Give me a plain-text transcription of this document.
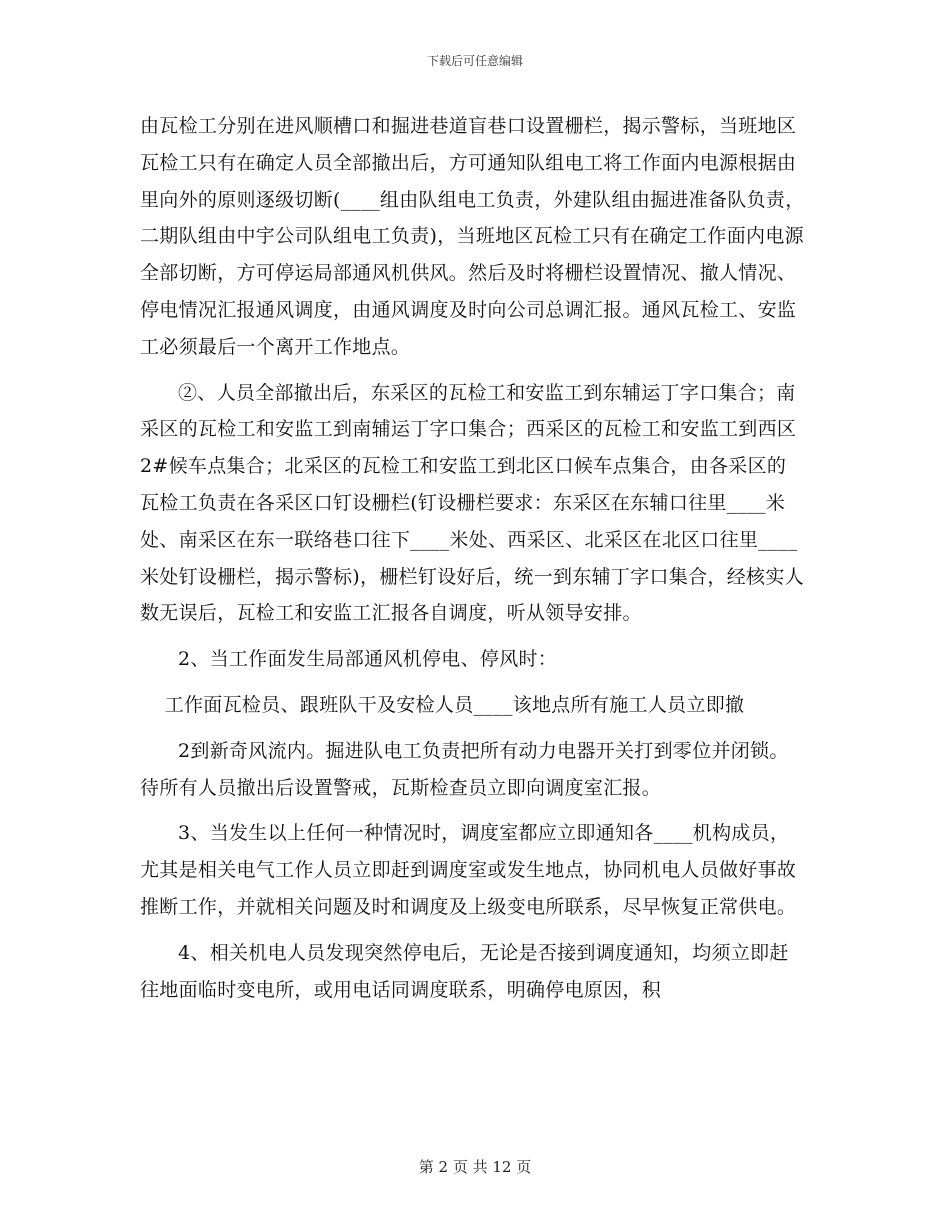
下载后可任意编辑

由瓦检工分别在进风顺槽口和掘进巷道盲巷口设置栅栏，揭示警标，当班地区瓦检工只有在确定人员全部撤出后，方可通知队组电工将工作面内电源根据由里向外的原则逐级切断(____组由队组电工负责，外建队组由掘进准备队负责，二期队组由中宇公司队组电工负责)，当班地区瓦检工只有在确定工作面内电源全部切断，方可停运局部通风机供风。然后及时将栅栏设置情况、撤人情况、停电情况汇报通风调度，由通风调度及时向公司总调汇报。通风瓦检工、安监工必须最后一个离开工作地点。

②、人员全部撤出后，东采区的瓦检工和安监工到东辅运丁字口集合；南采区的瓦检工和安监工到南辅运丁字口集合；西采区的瓦检工和安监工到西区2#候车点集合；北采区的瓦检工和安监工到北区口候车点集合，由各采区的瓦检工负责在各采区口钉设栅栏(钉设栅栏要求：东采区在东辅口往里____米处、南采区在东一联络巷口往下____米处、西采区、北采区在北区口往里____米处钉设栅栏，揭示警标)，栅栏钉设好后，统一到东辅丁字口集合，经核实人数无误后，瓦检工和安监工汇报各自调度，听从领导安排。

2、当工作面发生局部通风机停电、停风时：

工作面瓦检员、跟班队干及安检人员____该地点所有施工人员立即撤

2到新奇风流内。掘进队电工负责把所有动力电器开关打到零位并闭锁。待所有人员撤出后设置警戒，瓦斯检查员立即向调度室汇报。

3、当发生以上任何一种情况时，调度室都应立即通知各____机构成员，尤其是相关电气工作人员立即赶到调度室或发生地点，协同机电人员做好事故推断工作，并就相关问题及时和调度及上级变电所联系，尽早恢复正常供电。

4、相关机电人员发现突然停电后，无论是否接到调度通知，均须立即赶往地面临时变电所，或用电话同调度联系，明确停电原因，积

第 2 页 共 12 页
